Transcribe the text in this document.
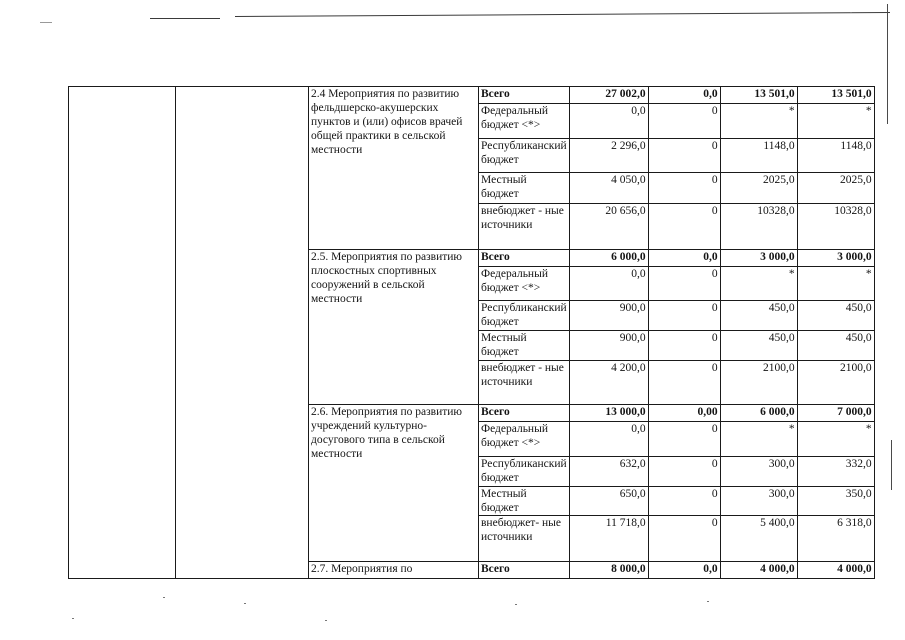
		2.4 Мероприятия по развитию фельдшерско-акушерских пунктов и (или) офисов врачей общей практики в сельской местности	Всего	27 002,0	0,0	13 501,0	13 501,0
			Федеральный бюджет <*>	0,0	0	*	*
			Республиканский бюджет	2 296,0	0	1148,0	1148,0
			Местный бюджет	4 050,0	0	2025,0	2025,0
			внебюджет - ные источники	20 656,0	0	10328,0	10328,0
		2.5. Мероприятия по развитию плоскостных спортивных сооружений в сельской местности	Всего	6 000,0	0,0	3 000,0	3 000,0
			Федеральный бюджет <*>	0,0	0	*	*
			Республиканский бюджет	900,0	0	450,0	450,0
			Местный бюджет	900,0	0	450,0	450,0
			внебюджет - ные источники	4 200,0	0	2100,0	2100,0
		2.6. Мероприятия по развитию учреждений культурно-досугового типа в сельской местности	Всего	13 000,0	0,00	6 000,0	7 000,0
			Федеральный бюджет <*>	0,0	0	*	*
			Республиканский бюджет	632,0	0	300,0	332,0
			Местный бюджет	650,0	0	300,0	350,0
			внебюджет- ные источники	11 718,0	0	5 400,0	6 318,0
		2.7. Мероприятия по	Всего	8 000,0	0,0	4 000,0	4 000,0
